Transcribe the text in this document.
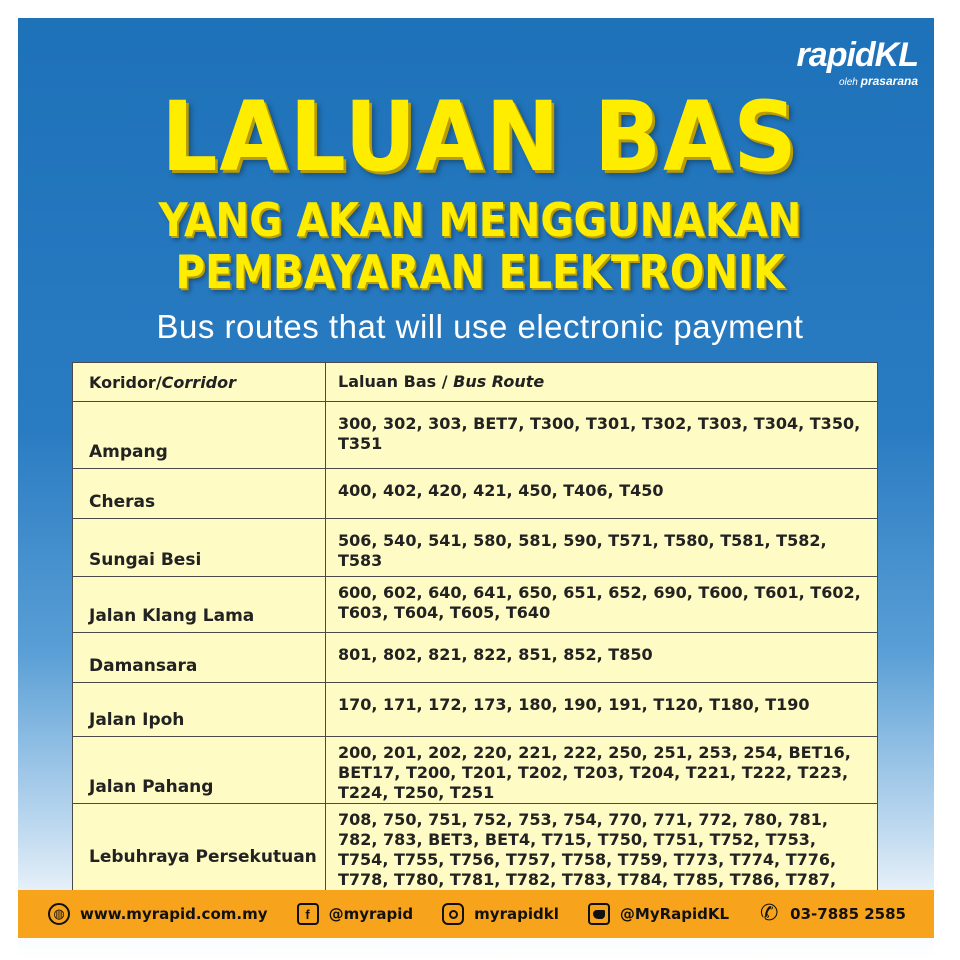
rapidKL
oleh prasarana
LALUAN BAS
YANG AKAN MENGGUNAKAN
PEMBAYARAN ELEKTRONIK
Bus routes that will use electronic payment
Koridor/Corridor	Laluan Bas / Bus Route
Ampang	300, 302, 303, BET7, T300, T301, T302, T303, T304, T350, T351
Cheras	400, 402, 420, 421, 450, T406, T450
Sungai Besi	506, 540, 541, 580, 581, 590, T571, T580, T581, T582, T583
Jalan Klang Lama	600, 602, 640, 641, 650, 651, 652, 690, T600, T601, T602, T603, T604, T605, T640
Damansara	801, 802, 821, 822, 851, 852, T850
Jalan Ipoh	170, 171, 172, 173, 180, 190, 191, T120, T180, T190
Jalan Pahang	200, 201, 202, 220, 221, 222, 250, 251, 253, 254, BET16, BET17, T200, T201, T202, T203, T204, T221, T222, T223, T224, T250, T251
Lebuhraya Persekutuan	708, 750, 751, 752, 753, 754, 770, 771, 772, 780, 781, 782, 783, BET3, BET4, T715, T750, T751, T752, T753, T754, T755, T756, T757, T758, T759, T773, T774, T776, T778, T780, T781, T782, T783, T784, T785, T786, T787,
◍	www.myrapid.com.my	f	@myrapid	myrapidkl	@MyRapidKL ✆ 03-7885 2585
